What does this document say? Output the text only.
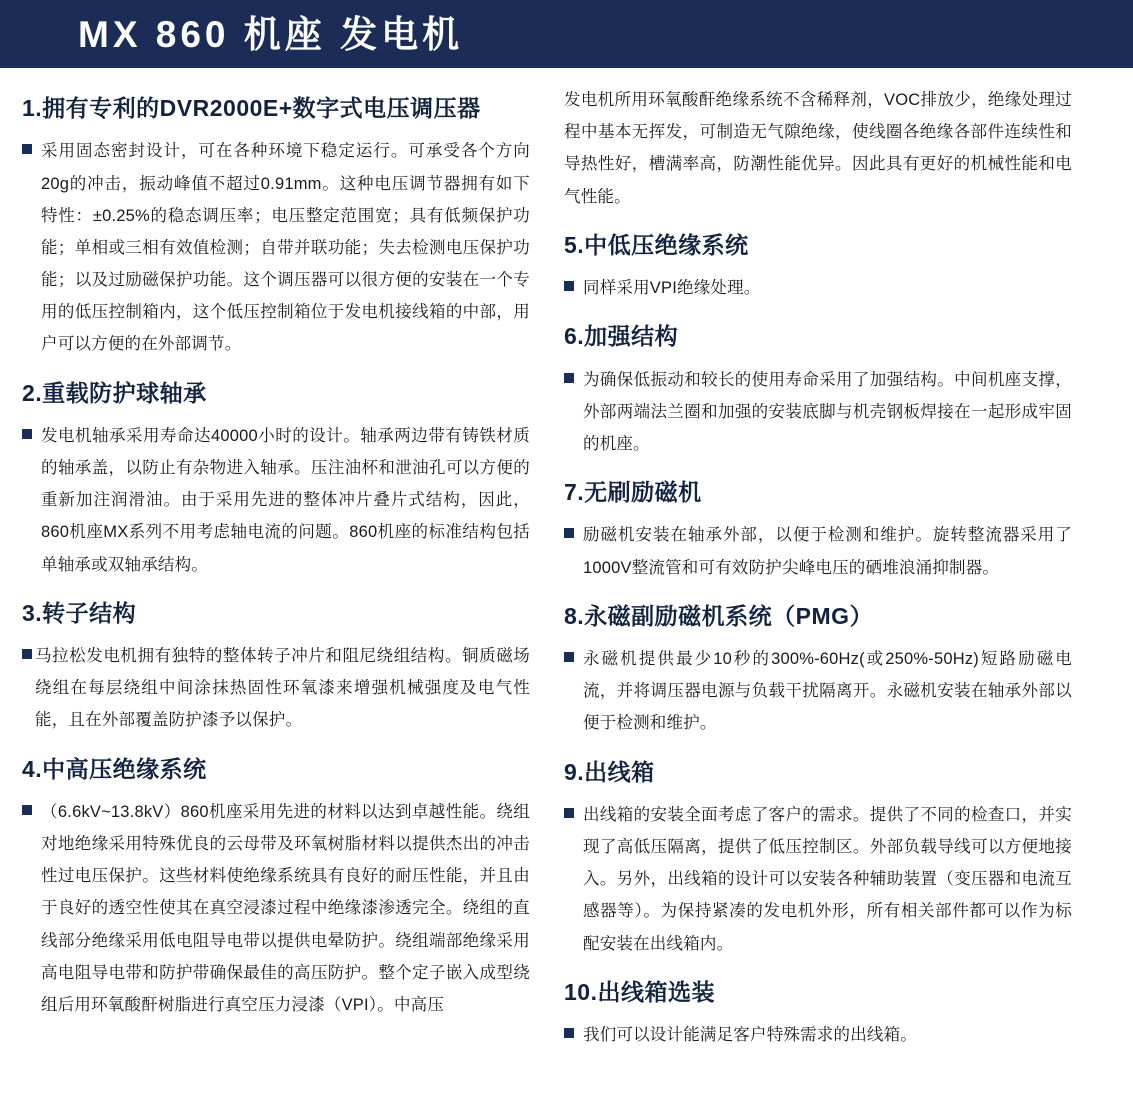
MX 860 机座 发电机
1.拥有专利的DVR2000E+数字式电压调压器
采用固态密封设计，可在各种环境下稳定运行。可承受各个方向20g的冲击，振动峰值不超过0.91mm。这种电压调节器拥有如下特性：±0.25%的稳态调压率；电压整定范围宽；具有低频保护功能；单相或三相有效值检测；自带并联功能；失去检测电压保护功能；以及过励磁保护功能。这个调压器可以很方便的安装在一个专用的低压控制箱内，这个低压控制箱位于发电机接线箱的中部，用户可以方便的在外部调节。
2.重载防护球轴承
发电机轴承采用寿命达40000小时的设计。轴承两边带有铸铁材质的轴承盖，以防止有杂物进入轴承。压注油杯和泄油孔可以方便的重新加注润滑油。由于采用先进的整体冲片叠片式结构，因此，860机座MX系列不用考虑轴电流的问题。860机座的标准结构包括单轴承或双轴承结构。
3.转子结构
马拉松发电机拥有独特的整体转子冲片和阻尼绕组结构。铜质磁场绕组在每层绕组中间涂抹热固性环氧漆来增强机械强度及电气性能，且在外部覆盖防护漆予以保护。
4.中高压绝缘系统
（6.6kV~13.8kV）860机座采用先进的材料以达到卓越性能。绕组对地绝缘采用特殊优良的云母带及环氧树脂材料以提供杰出的冲击性过电压保护。这些材料使绝缘系统具有良好的耐压性能，并且由于良好的透空性使其在真空浸漆过程中绝缘漆渗透完全。绕组的直线部分绝缘采用低电阻导电带以提供电晕防护。绕组端部绝缘采用高电阻导电带和防护带确保最佳的高压防护。整个定子嵌入成型绕组后用环氧酸酐树脂进行真空压力浸漆（VPI）。中高压

发电机所用环氧酸酐绝缘系统不含稀释剂，VOC排放少，绝缘处理过程中基本无挥发，可制造无气隙绝缘，使线圈各绝缘各部件连续性和导热性好，槽满率高，防潮性能优异。因此具有更好的机械性能和电气性能。

5.中低压绝缘系统
同样采用VPI绝缘处理。
6.加强结构
为确保低振动和较长的使用寿命采用了加强结构。中间机座支撑，外部两端法兰圈和加强的安装底脚与机壳钢板焊接在一起形成牢固的机座。
7.无刷励磁机
励磁机安装在轴承外部，以便于检测和维护。旋转整流器采用了1000V整流管和可有效防护尖峰电压的硒堆浪涌抑制器。
8.永磁副励磁机系统（PMG）
永磁机提供最少10秒的300%-60Hz(或250%-50Hz)短路励磁电流，并将调压器电源与负载干扰隔离开。永磁机安装在轴承外部以便于检测和维护。
9.出线箱
出线箱的安装全面考虑了客户的需求。提供了不同的检查口，并实现了高低压隔离，提供了低压控制区。外部负载导线可以方便地接入。另外，出线箱的设计可以安装各种辅助装置（变压器和电流互感器等）。为保持紧凑的发电机外形，所有相关部件都可以作为标配安装在出线箱内。
10.出线箱选装
我们可以设计能满足客户特殊需求的出线箱。
